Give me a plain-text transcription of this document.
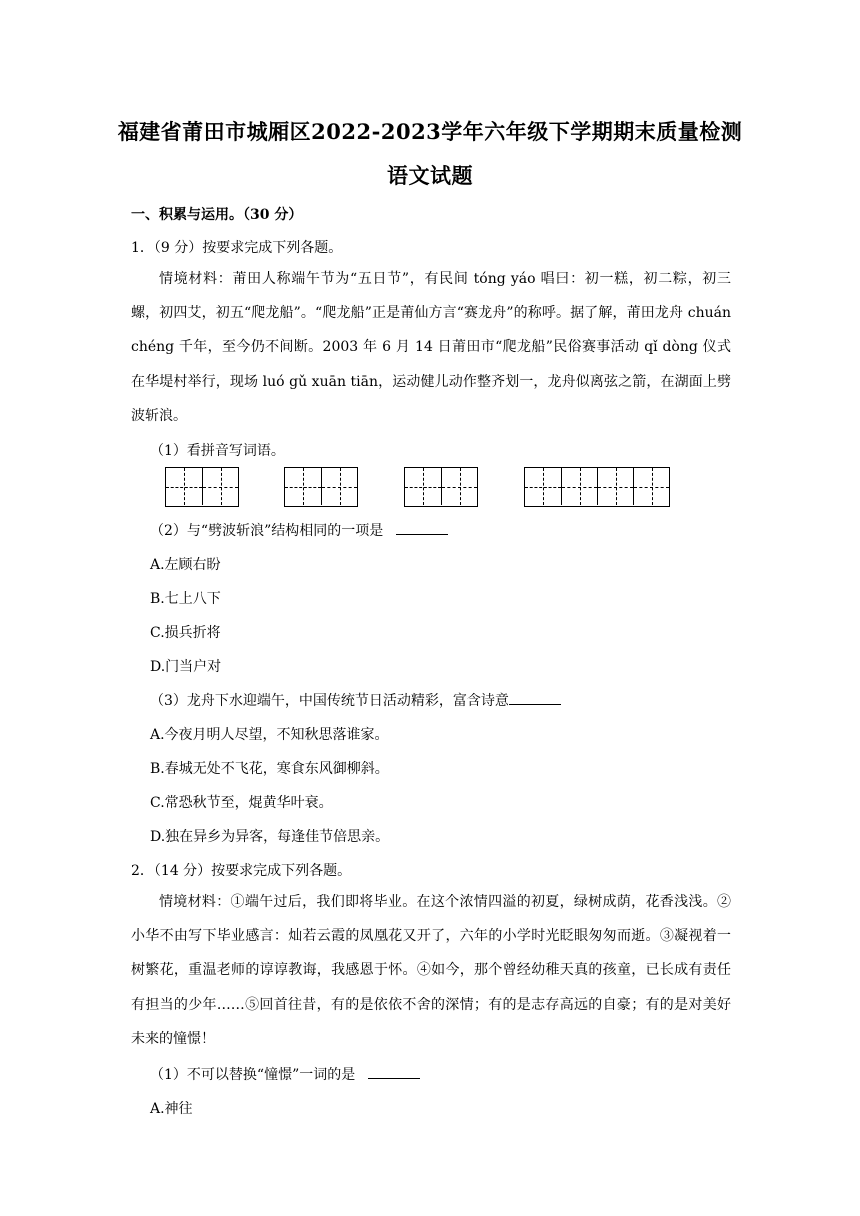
福建省莆田市城厢区2022-2023学年六年级下学期期末质量检测
语文试题
一、积累与运用。（30 分）
1．（9 分）按要求完成下列各题。
情境材料：莆田人称端午节为“五日节”，有民间 tóng yáo 唱曰：初一糕，初二粽，初三螺，初四艾，初五“爬龙船”。“爬龙船”正是莆仙方言“赛龙舟”的称呼。据了解，莆田龙舟 chuán chéng 千年，至今仍不间断。2003 年 6 月 14 日莆田市“爬龙船”民俗赛事活动 qǐ dòng 仪式在华堤村举行，现场 luó gǔ xuān tiān，运动健儿动作整齐划一，龙舟似离弦之箭，在湖面上劈波斩浪。
（1）看拼音写词语。
（2）与“劈波斩浪”结构相同的一项是
A.左顾右盼
B.七上八下
C.损兵折将
D.门当户对
（3）龙舟下水迎端午，中国传统节日活动精彩，富含诗意
A.今夜月明人尽望，不知秋思落谁家。
B.春城无处不飞花，寒食东风御柳斜。
C.常恐秋节至，焜黄华叶衰。
D.独在异乡为异客，每逢佳节倍思亲。
2．（14 分）按要求完成下列各题。
情境材料：①端午过后，我们即将毕业。在这个浓情四溢的初夏，绿树成荫，花香浅浅。②小华不由写下毕业感言：灿若云霞的凤凰花又开了，六年的小学时光眨眼匆匆而逝。③凝视着一树繁花，重温老师的谆谆教诲，我感恩于怀。④如今，那个曾经幼稚天真的孩童，已长成有责任有担当的少年……⑤回首往昔，有的是依依不舍的深情；有的是志存高远的自豪；有的是对美好未来的憧憬！
（1）不可以替换“憧憬”一词的是
A.神往
